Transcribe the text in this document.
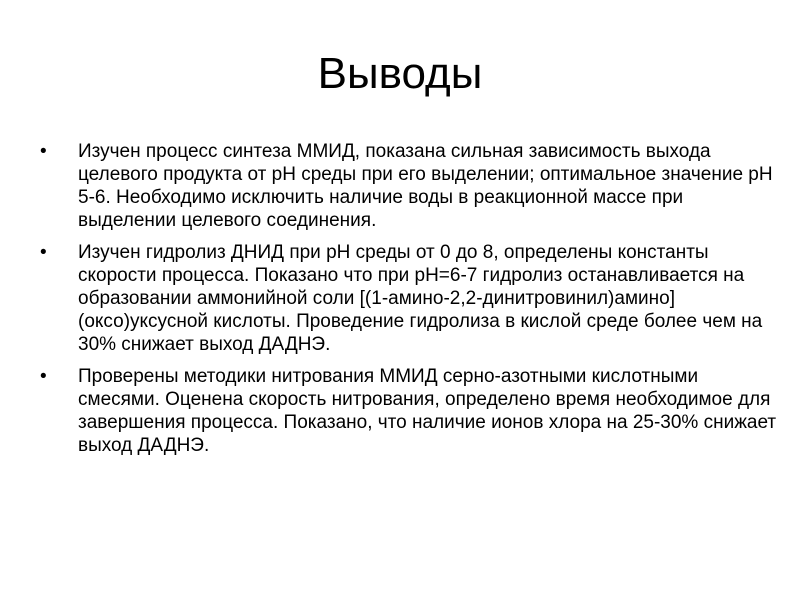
Выводы
• Изучен процесс синтеза ММИД, показана сильная зависимость выхода целевого продукта от рН среды при его выделении; оптимальное значение рН 5-6. Необходимо исключить наличие воды в реакционной массе при выделении целевого соединения.
• Изучен гидролиз ДНИД при рН среды от 0 до 8, определены константы скорости процесса. Показано что при рН=6-7 гидролиз останавливается на образовании аммонийной соли [(1-амино-2,2-динитровинил)амино](оксо)уксусной кислоты. Проведение гидролиза в кислой среде более чем на 30% снижает выход ДАДНЭ.
• Проверены методики нитрования ММИД серно-азотными кислотными смесями. Оценена скорость нитрования, определено время необходимое для завершения процесса. Показано, что наличие ионов хлора на 25-30% снижает выход ДАДНЭ.
